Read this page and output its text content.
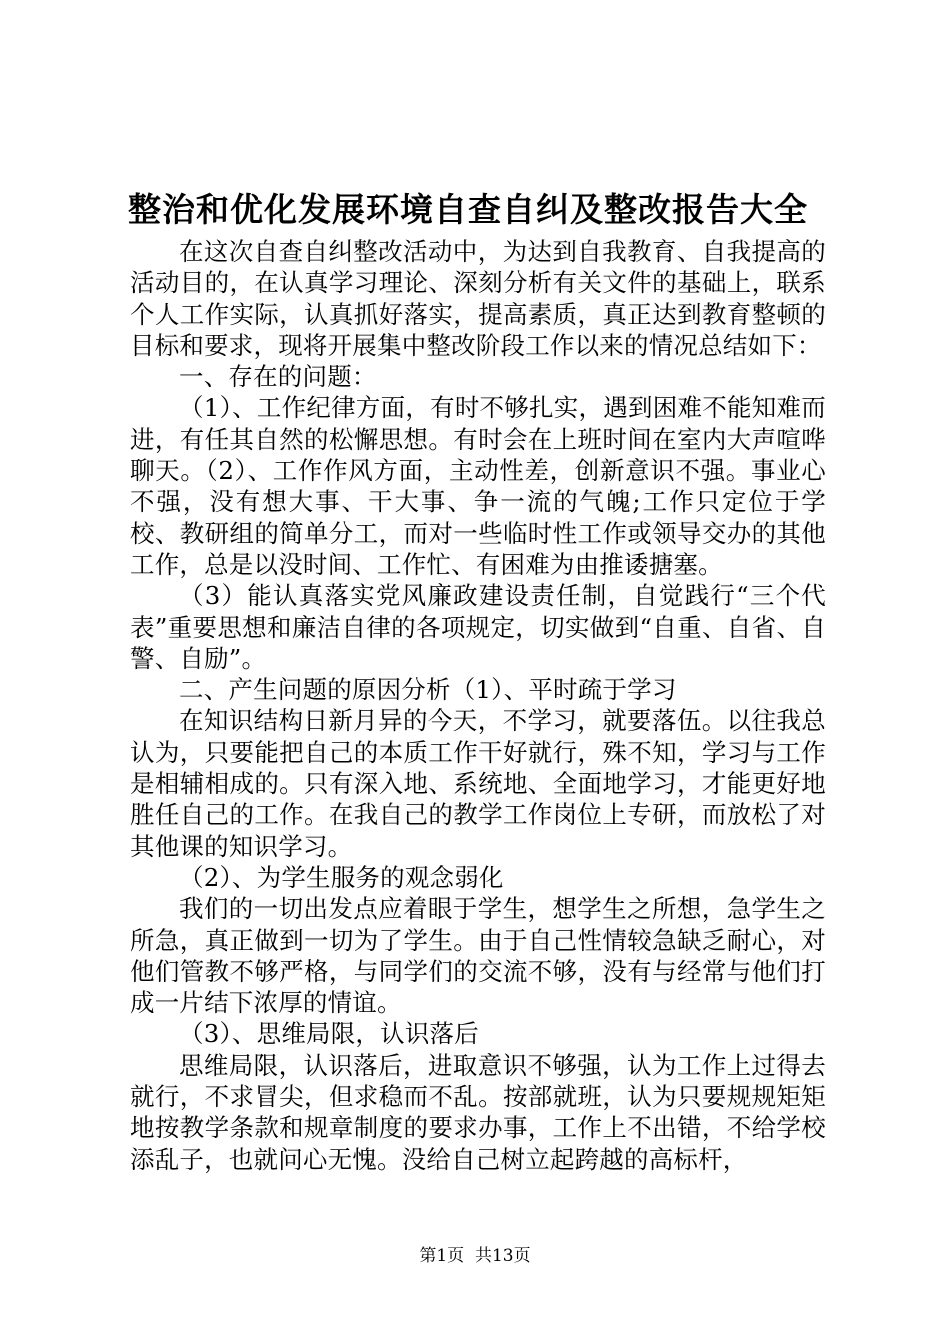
整治和优化发展环境自查自纠及整改报告大全

在这次自查自纠整改活动中，为达到自我教育、自我提高的活动目的，在认真学习理论、深刻分析有关文件的基础上，联系个人工作实际，认真抓好落实，提高素质，真正达到教育整顿的目标和要求，现将开展集中整改阶段工作以来的情况总结如下：

一、存在的问题：

（1）、工作纪律方面，有时不够扎实，遇到困难不能知难而进，有任其自然的松懈思想。有时会在上班时间在室内大声喧哗聊天。（2）、工作作风方面，主动性差，创新意识不强。事业心不强，没有想大事、干大事、争一流的气魄;工作只定位于学校、教研组的简单分工，而对一些临时性工作或领导交办的其他工作，总是以没时间、工作忙、有困难为由推诿搪塞。

（3）能认真落实党风廉政建设责任制，自觉践行“三个代表”重要思想和廉洁自律的各项规定，切实做到“自重、自省、自警、自励”。

二、产生问题的原因分析（1）、平时疏于学习

在知识结构日新月异的今天，不学习，就要落伍。以往我总认为，只要能把自己的本质工作干好就行，殊不知，学习与工作是相辅相成的。只有深入地、系统地、全面地学习，才能更好地胜任自己的工作。在我自己的教学工作岗位上专研，而放松了对其他课的知识学习。

（2）、为学生服务的观念弱化

我们的一切出发点应着眼于学生，想学生之所想，急学生之所急，真正做到一切为了学生。由于自己性情较急缺乏耐心，对他们管教不够严格，与同学们的交流不够，没有与经常与他们打成一片结下浓厚的情谊。

（3）、思维局限，认识落后

思维局限，认识落后，进取意识不够强，认为工作上过得去就行，不求冒尖，但求稳而不乱。按部就班，认为只要规规矩矩地按教学条款和规章制度的要求办事，工作上不出错，不给学校添乱子，也就问心无愧。没给自己树立起跨越的高标杆，

第1页  共13页
